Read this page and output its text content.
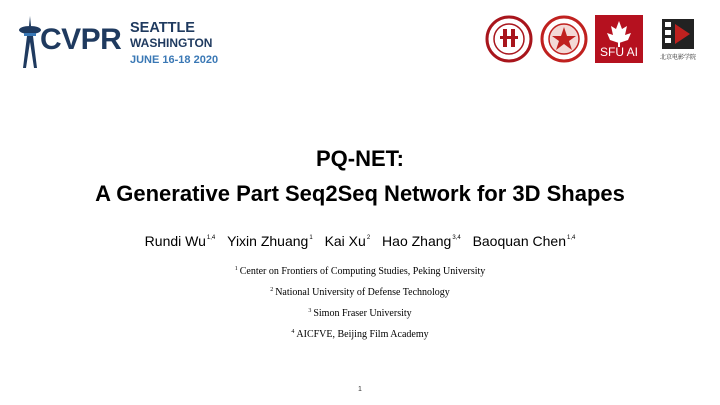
CVPR SEATTLE
WASHINGTON
JUNE 16-18 2020
SFU AI	北京电影学院
PQ-NET:
A Generative Part Seq2Seq Network for 3D Shapes
Rundi Wu$^{1,4}$ Yixin Zhuang$^1$ Kai Xu$^2$ Hao Zhang$^{3,4}$ Baoquan Chen$^{1,4}$
$^1$ Center on Frontiers of Computing Studies, Peking University
$^2$ National University of Defense Technology
$^3$ Simon Fraser University
$^4$ AICFVE, Beijing Film Academy
1
